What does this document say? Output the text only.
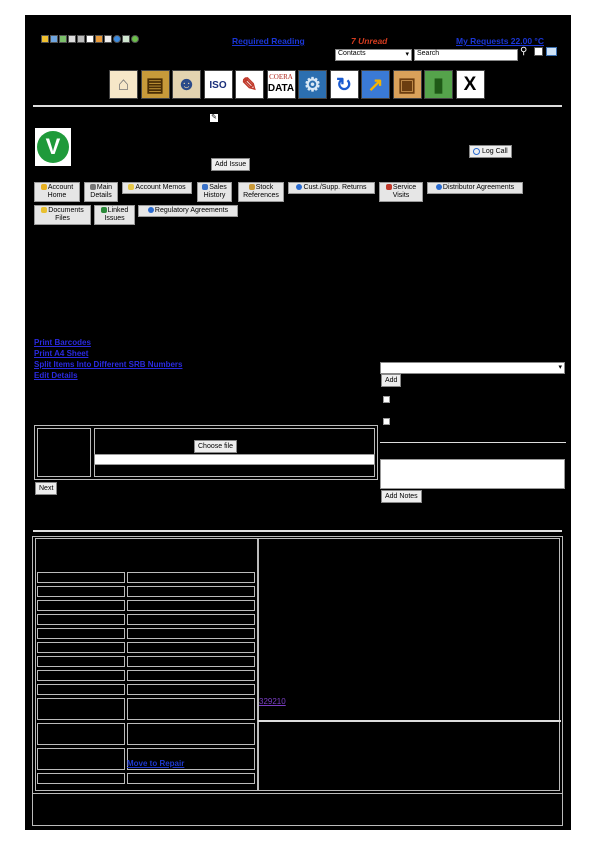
Required Reading	7 Unread	My Requests 22.00 °C
Contacts	▾	Search	⚲
⌂ ▤ ☻	ISO ✎	COERA
DATA ⚙ ↻ ↗ ▣ ▮	X
✎
V
Add Issue
Log Call
Account Home
Main Details
Account Memos	Sales History
Stock References
Cust./Supp. Returns	Service Visits
Distributor Agreements
Documents Files
Linked Issues
Regulatory Agreements
Print Barcodes
Print A4 Sheet
Split Items Into Different SRB Numbers
Edit Details
▾
Add
Add Notes
Choose file
Next
329210
Move to Repair
